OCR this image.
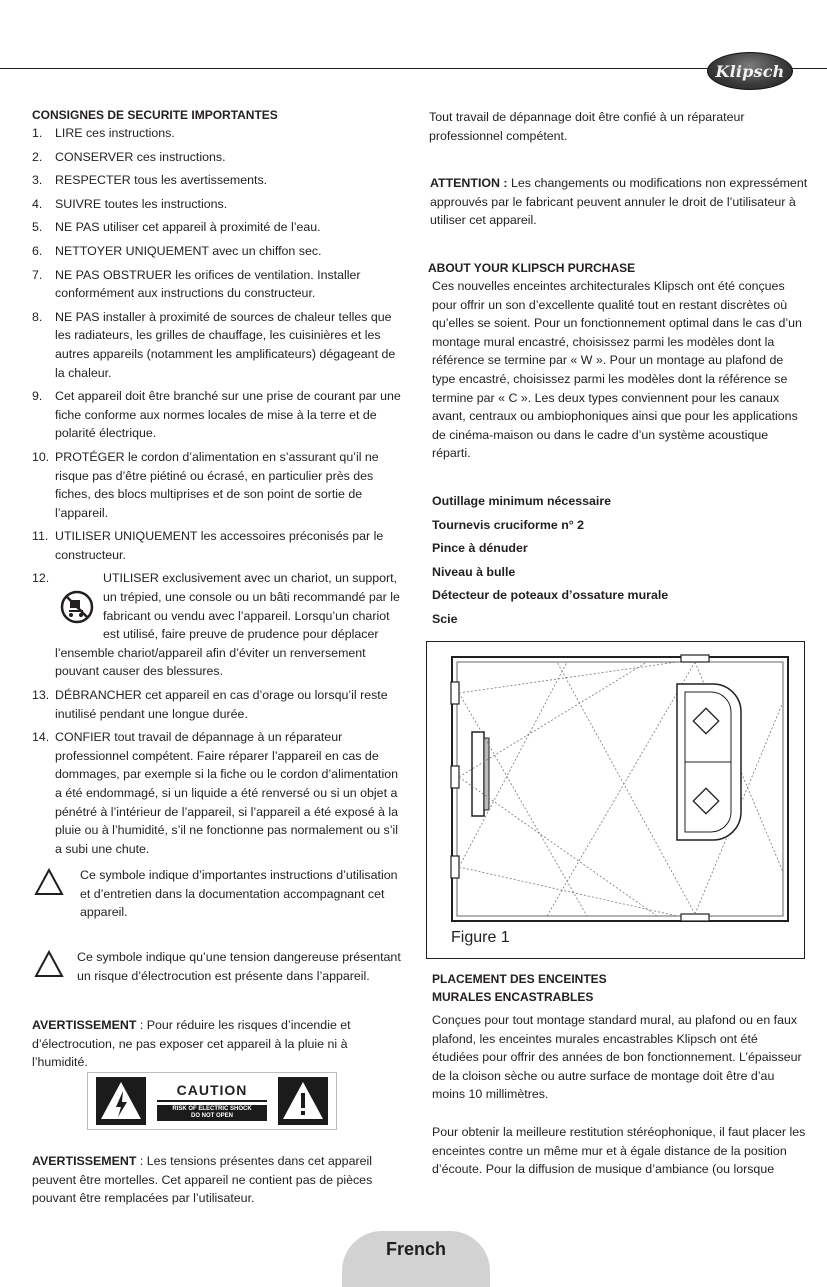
Klipsch

CONSIGNES DE SECURITE IMPORTANTES

1. LIRE ces instructions.
2. CONSERVER ces instructions.
3. RESPECTER tous les avertissements.
4. SUIVRE toutes les instructions.
5. NE PAS utiliser cet appareil à proximité de l’eau.
6. NETTOYER UNIQUEMENT avec un chiffon sec.
7. NE PAS OBSTRUER les orifices de ventilation. Installer conformément aux instructions du constructeur.
8. NE PAS installer à proximité de sources de chaleur telles que les radiateurs, les grilles de chauffage, les cuisinières et les autres appareils (notamment les amplificateurs) dégageant de la chaleur.
9. Cet appareil doit être branché sur une prise de courant par une fiche conforme aux normes locales de mise à la terre et de polarité électrique.
10. PROTÉGER le cordon d’alimentation en s’assurant qu’il ne risque pas d’être piétiné ou écrasé, en particulier près des fiches, des blocs multiprises et de son point de sortie de l’appareil.
11. UTILISER UNIQUEMENT les accessoires préconisés par le constructeur.
12.	UTILISER exclusivement avec un chariot, un support, un trépied, une console ou un bâti recommandé par le fabricant ou vendu avec l’appareil. Lorsqu’un chariot est utilisé, faire preuve de prudence pour déplacer l’ensemble chariot/appareil afin d’éviter un renversement pouvant causer des blessures.
13. DÉBRANCHER cet appareil en cas d’orage ou lorsqu’il reste inutilisé pendant une longue durée.
14. CONFIER tout travail de dépannage à un réparateur professionnel compétent. Faire réparer l’appareil en cas de dommages, par exemple si la fiche ou le cordon d’alimentation a été endommagé, si un liquide a été renversé ou si un objet a pénétré à l’intérieur de l’appareil, si l’appareil a été exposé à la pluie ou à l’humidité, s’il ne fonctionne pas normalement ou s’il a subi une chute.

Ce symbole indique d’importantes instructions d’utilisation et d’entretien dans la documentation accompagnant cet appareil.

Ce symbole indique qu’une tension dangereuse présentant un risque d’électrocution est présente dans l’appareil.

AVERTISSEMENT : Pour réduire les risques d’incendie et d’électrocution, ne pas exposer cet appareil à la pluie ni à l’humidité.

CAUTION
RISK OF ELECTRIC SHOCK
DO NOT OPEN

AVERTISSEMENT : Les tensions présentes dans cet appareil peuvent être mortelles. Cet appareil ne contient pas de pièces pouvant être remplacées par l’utilisateur.

Tout travail de dépannage doit être confié à un réparateur professionnel compétent.

ATTENTION : Les changements ou modifications non expressément approuvés par le fabricant peuvent annuler le droit de l’utilisateur à utiliser cet appareil.

ABOUT YOUR KLIPSCH PURCHASE

Ces nouvelles enceintes architecturales Klipsch ont été conçues pour offrir un son d’excellente qualité tout en restant discrètes où qu’elles se soient. Pour un fonctionnement optimal dans le cas d’un montage mural encastré, choisissez parmi les modèles dont la référence se termine par « W ». Pour un montage au plafond de type encastré, choisissez parmi les modèles dont la référence se termine par « C ». Les deux types conviennent pour les canaux avant, centraux ou ambiophoniques ainsi que pour les applications de cinéma-maison ou dans le cadre d’un système acoustique réparti.

Outillage minimum nécessaire

Tournevis cruciforme n° 2

Pince à dénuder

Niveau à bulle

Détecteur de poteaux d’ossature murale

Scie

Figure 1

PLACEMENT DES ENCEINTES

MURALES ENCASTRABLES

Conçues pour tout montage standard mural, au plafond ou en faux plafond, les enceintes murales encastrables Klipsch ont été étudiées pour offrir des années de bon fonctionnement. L’épaisseur de la cloison sèche ou autre surface de montage doit être d’au moins 10 millimètres.

Pour obtenir la meilleure restitution stéréophonique, il faut placer les enceintes contre un même mur et à égale distance de la position d’écoute. Pour la diffusion de musique d’ambiance (ou lorsque

French
